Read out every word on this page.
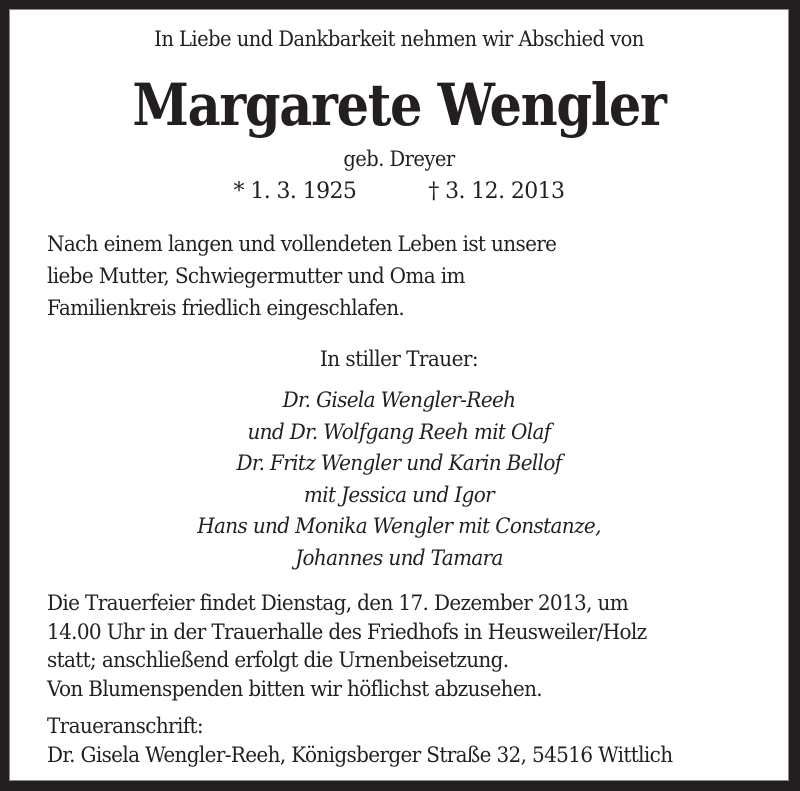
In Liebe und Dankbarkeit nehmen wir Abschied von
Margarete Wengler
geb. Dreyer
* 1. 3. 1925	† 3. 12. 2013
Nach einem langen und vollendeten Leben ist unsere
liebe Mutter, Schwiegermutter und Oma im
Familienkreis friedlich eingeschlafen.
In stiller Trauer:
Dr. Gisela Wengler-Reeh
und Dr. Wolfgang Reeh mit Olaf
Dr. Fritz Wengler und Karin Bellof
mit Jessica und Igor
Hans und Monika Wengler mit Constanze,
Johannes und Tamara
Die Trauerfeier findet Dienstag, den 17. Dezember 2013, um
14.00 Uhr in der Trauerhalle des Friedhofs in Heusweiler/Holz
statt; anschließend erfolgt die Urnenbeisetzung.
Von Blumenspenden bitten wir höflichst abzusehen.
Traueranschrift:
Dr. Gisela Wengler-Reeh, Königsberger Straße 32, 54516 Wittlich
